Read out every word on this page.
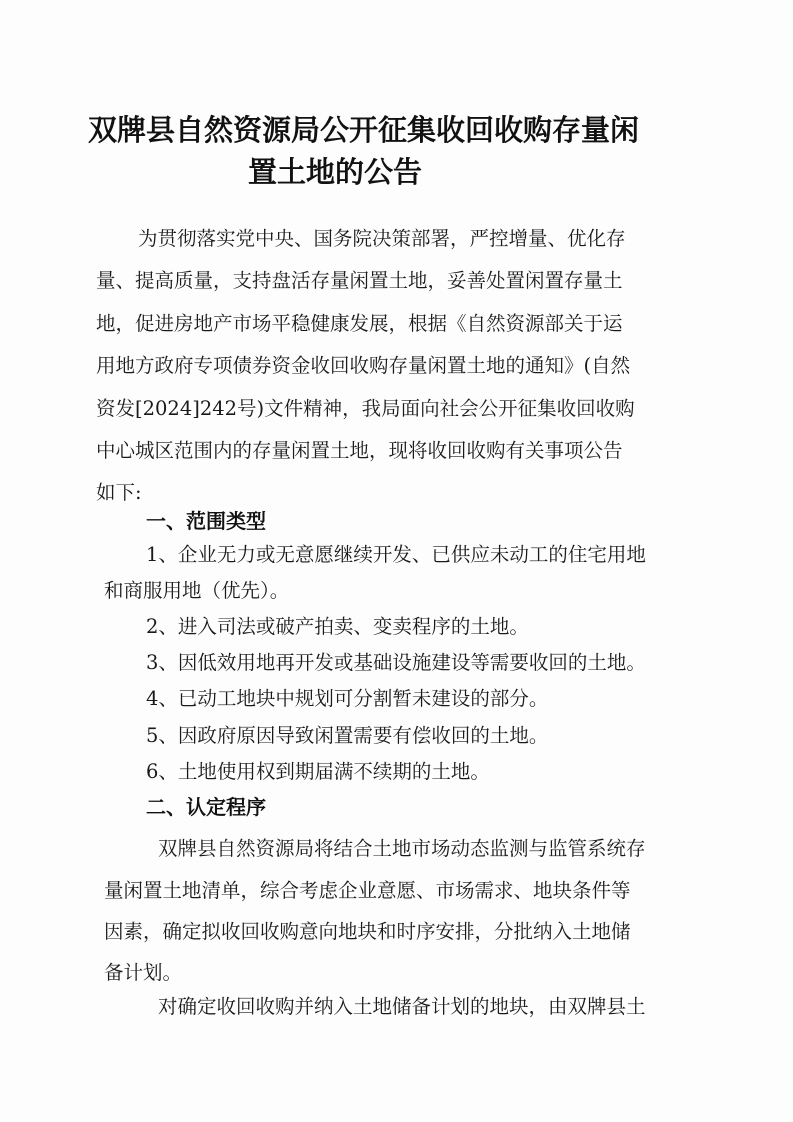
双牌县自然资源局公开征集收回收购存量闲
置土地的公告
为贯彻落实党中央、国务院决策部署，严控增量、优化存
量、提高质量，支持盘活存量闲置土地，妥善处置闲置存量土
地，促进房地产市场平稳健康发展，根据《自然资源部关于运
用地方政府专项债券资金收回收购存量闲置土地的通知》(自然
资发[2024]242号)文件精神，我局面向社会公开征集收回收购
中心城区范围内的存量闲置土地，现将收回收购有关事项公告
如下:
一、范围类型
1、企业无力或无意愿继续开发、已供应未动工的住宅用地
和商服用地（优先）。
2、进入司法或破产拍卖、变卖程序的土地。
3、因低效用地再开发或基础设施建设等需要收回的土地。
4、已动工地块中规划可分割暂未建设的部分。
5、因政府原因导致闲置需要有偿收回的土地。
6、土地使用权到期届满不续期的土地。
二、认定程序
双牌县自然资源局将结合土地市场动态监测与监管系统存
量闲置土地清单，综合考虑企业意愿、市场需求、地块条件等
因素，确定拟收回收购意向地块和时序安排，分批纳入土地储
备计划。
对确定收回收购并纳入土地储备计划的地块，由双牌县土
